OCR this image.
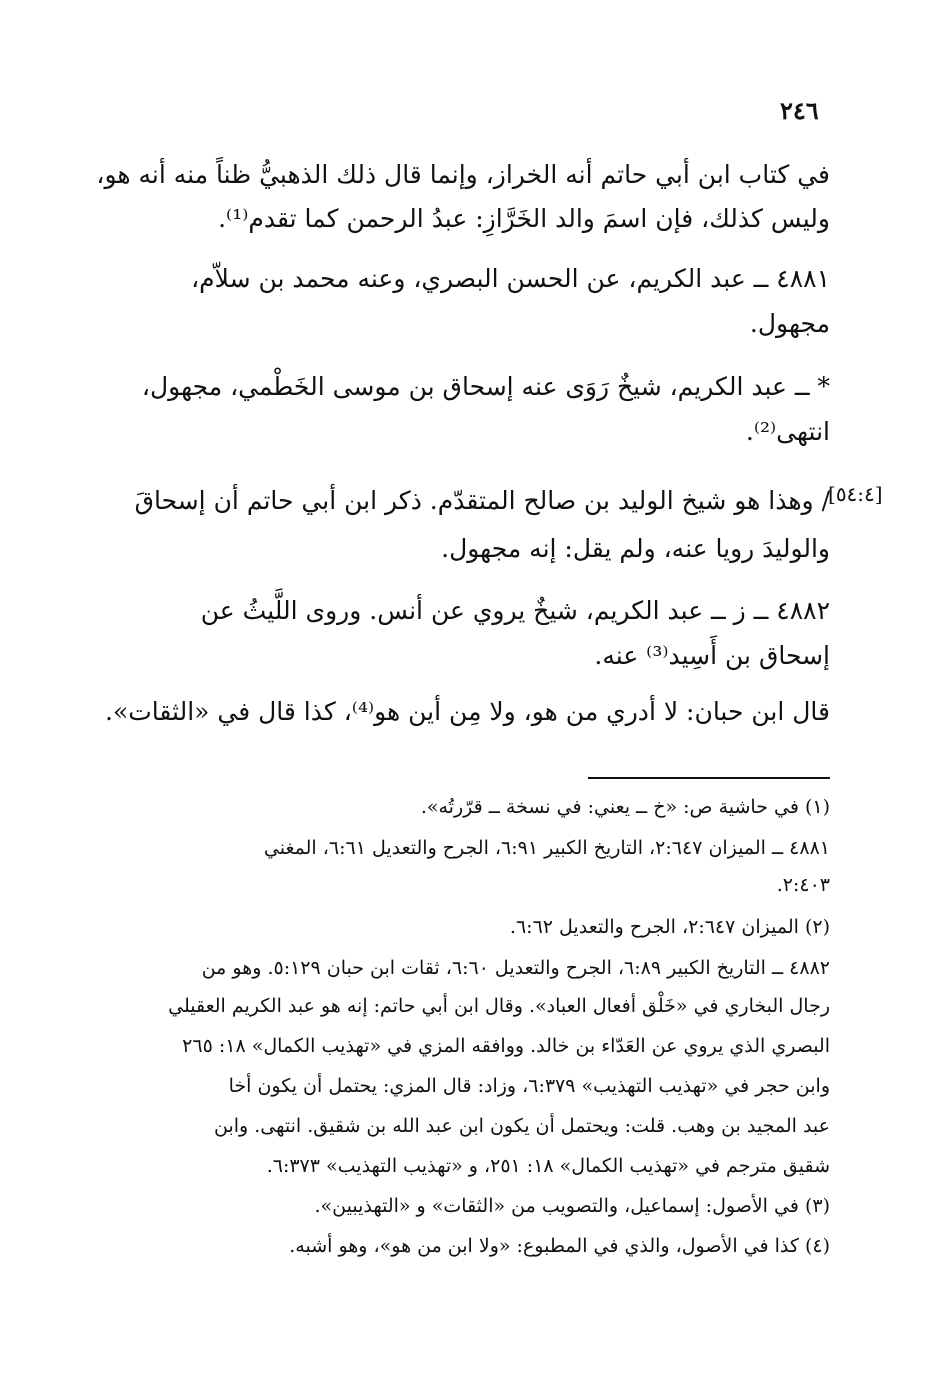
٢٤٦
في كتاب ابن أبي حاتم أنه الخراز، وإنما قال ذلك الذهبيُّ ظناً منه أنه هو،
وليس كذلك، فإن اسمَ والد الخَرَّازِ: عبدُ الرحمن كما تقدم⁽¹⁾.
٤٨٨١ ــ عبد الكريم، عن الحسن البصري، وعنه محمد بن سلاّم،
مجهول.
* ــ عبد الكريم، شيخٌ رَوَى عنه إسحاق بن موسى الخَطْمي، مجهول،
انتهى⁽²⁾.
[٥٤:٤]
/ وهذا هو شيخ الوليد بن صالح المتقدّم. ذكر ابن أبي حاتم أن إسحاقَ
والوليدَ رويا عنه، ولم يقل: إنه مجهول.
٤٨٨٢ ــ ز ــ عبد الكريم، شيخٌ يروي عن أنس. وروى اللَّيثُ عن
إسحاق بن أَسِيد⁽³⁾ عنه.
قال ابن حبان: لا أدري من هو، ولا مِن أين هو⁽⁴⁾، كذا قال في «الثقات».
(١) في حاشية ص: «خ ــ يعني: في نسخة ــ قرّرتُه».
٤٨٨١ ــ الميزان ٢:٦٤٧، التاريخ الكبير ٦:٩١، الجرح والتعديل ٦:٦١، المغني
٢:٤٠٣.
(٢) الميزان ٢:٦٤٧، الجرح والتعديل ٦:٦٢.
٤٨٨٢ ــ التاريخ الكبير ٦:٨٩، الجرح والتعديل ٦:٦٠، ثقات ابن حبان ٥:١٢٩. وهو من
رجال البخاري في «خَلْق أفعال العباد». وقال ابن أبي حاتم: إنه هو عبد الكريم العقيلي
البصري الذي يروي عن العَدّاء بن خالد. ووافقه المزي في «تهذيب الكمال» ١٨: ٢٦٥
وابن حجر في «تهذيب التهذيب» ٦:٣٧٩، وزاد: قال المزي: يحتمل أن يكون أخا
عبد المجيد بن وهب. قلت: ويحتمل أن يكون ابن عبد الله بن شقيق. انتهى. وابن
شقيق مترجم في «تهذيب الكمال» ١٨: ٢٥١، و «تهذيب التهذيب» ٦:٣٧٣.
(٣) في الأصول: إسماعيل، والتصويب من «الثقات» و «التهذيبين».
(٤) كذا في الأصول، والذي في المطبوع: «ولا ابن من هو»، وهو أشبه.
